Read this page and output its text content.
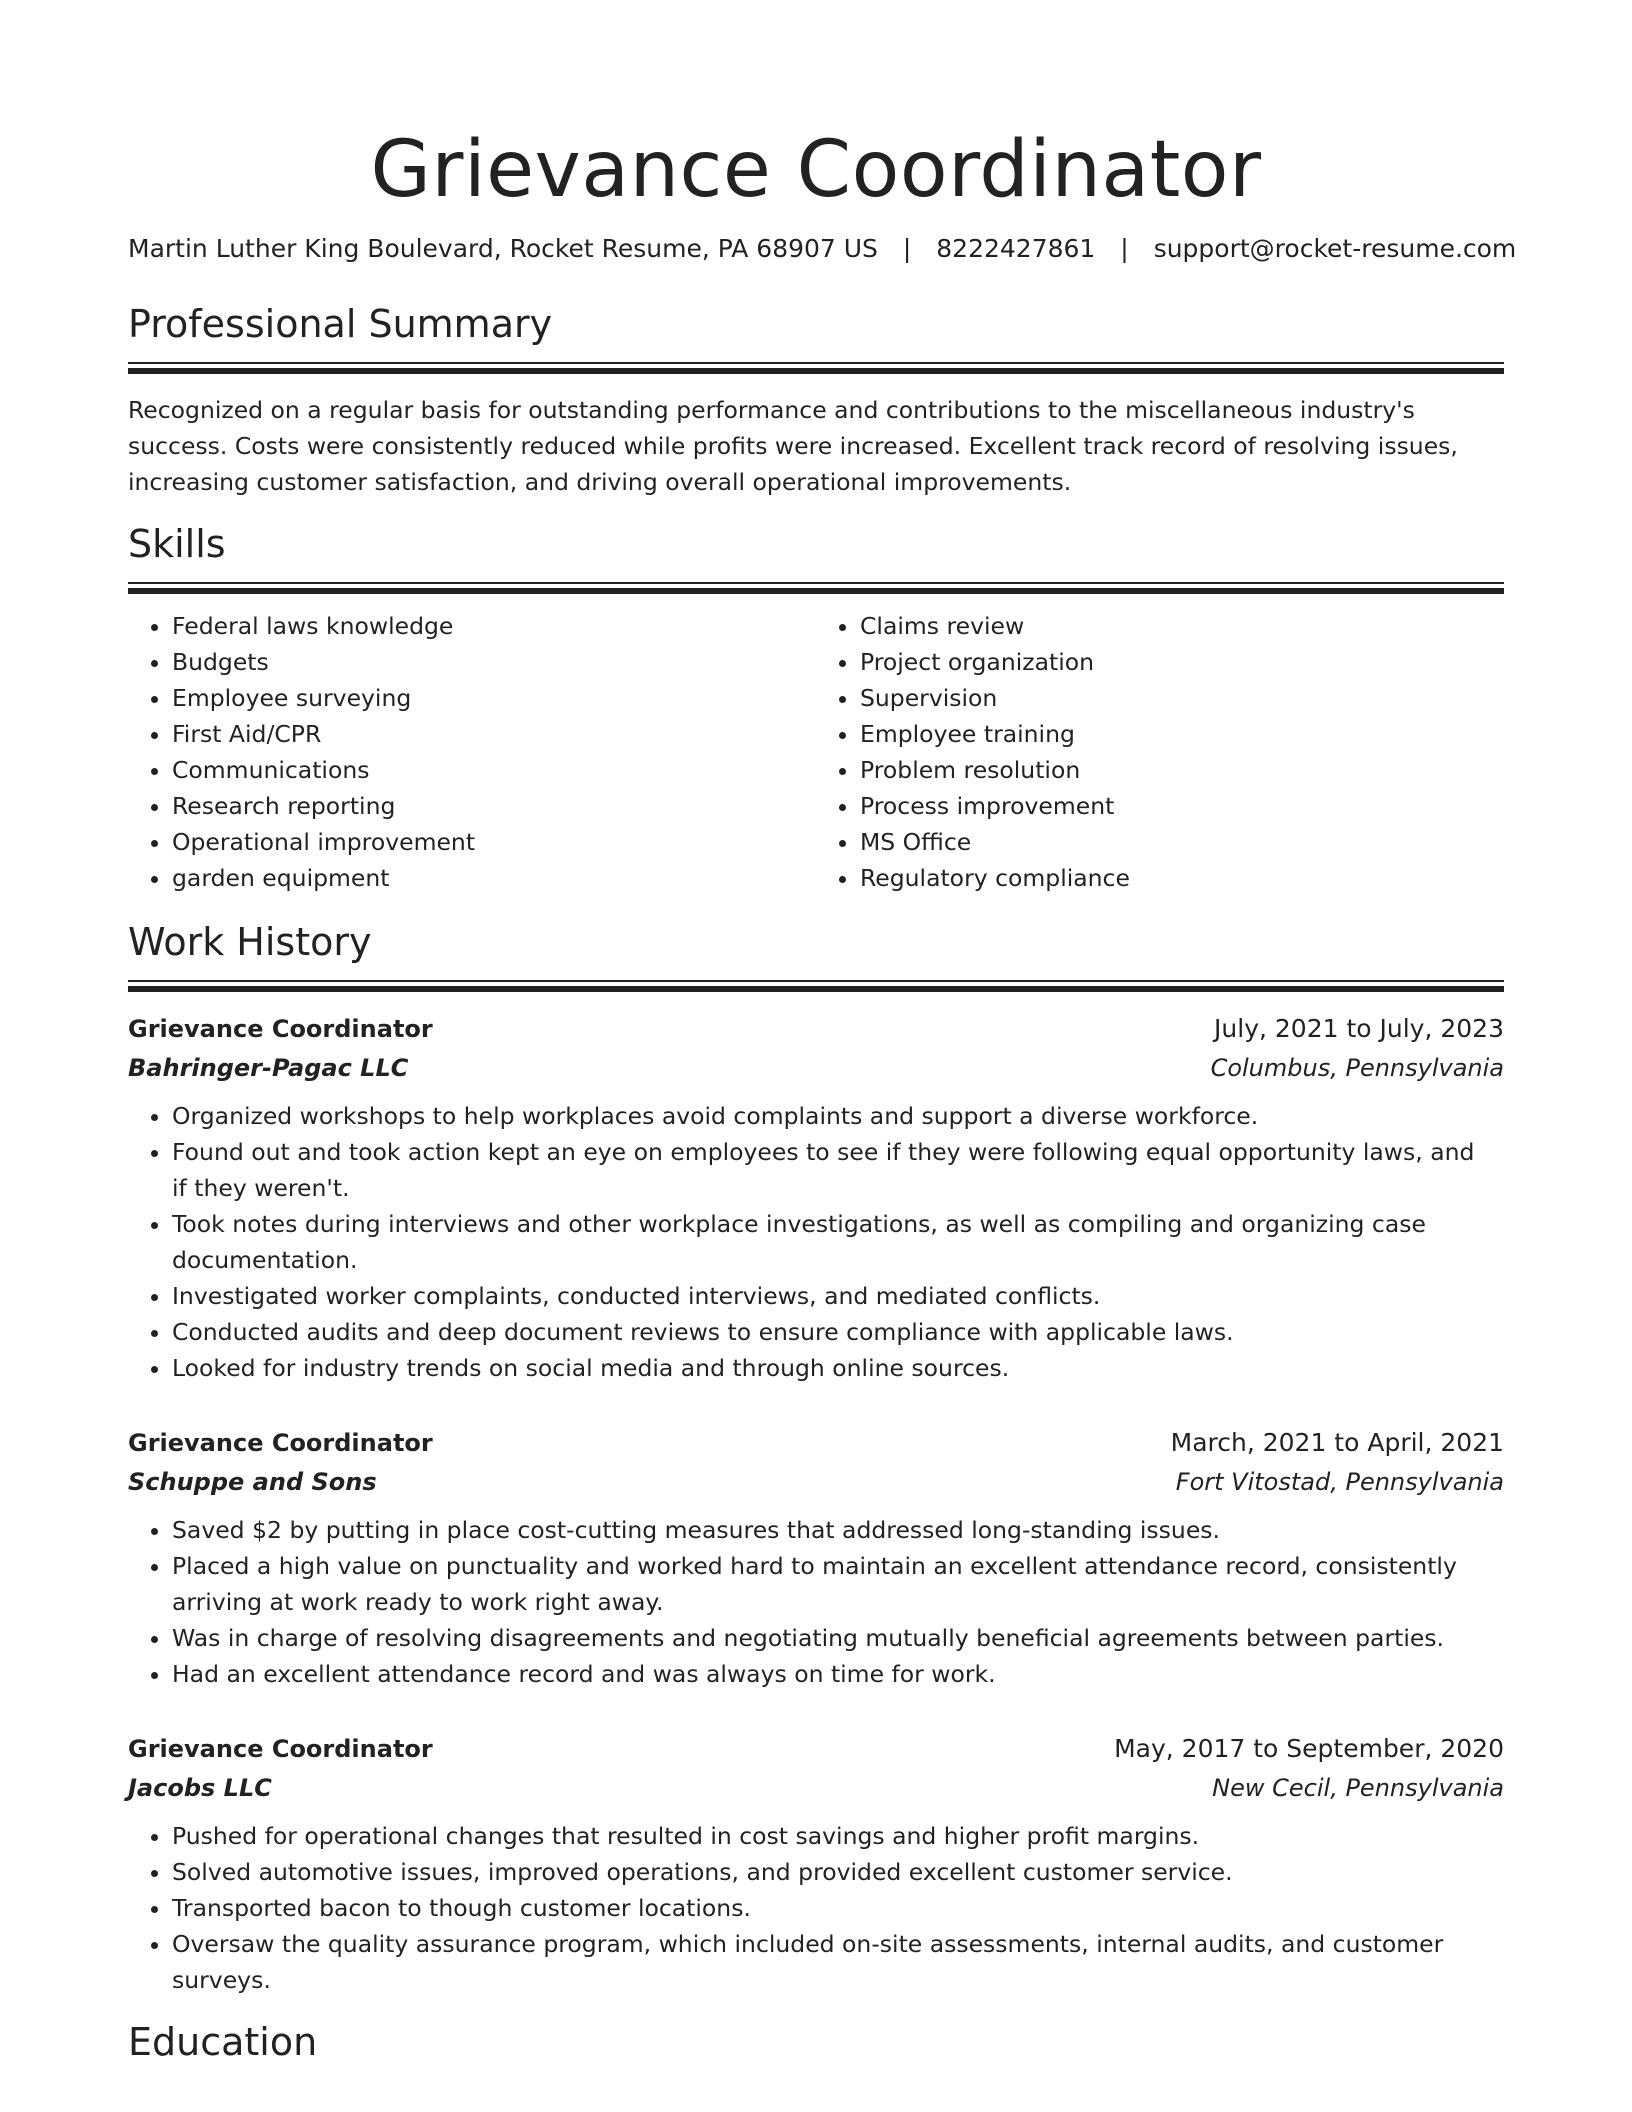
Grievance Coordinator
Martin Luther King Boulevard, Rocket Resume, PA 68907 US | 8222427861 | support@rocket-resume.com
Professional Summary
Recognized on a regular basis for outstanding performance and contributions to the miscellaneous industry's success. Costs were consistently reduced while profits were increased. Excellent track record of resolving issues, increasing customer satisfaction, and driving overall operational improvements.
Skills
• Federal laws knowledge
• Budgets
• Employee surveying
• First Aid/CPR
• Communications
• Research reporting
• Operational improvement
• garden equipment
• Claims review
• Project organization
• Supervision
• Employee training
• Problem resolution
• Process improvement
• MS Office
• Regulatory compliance
Work History
Grievance Coordinator	July, 2021 to July, 2023
Bahringer-Pagac LLC	Columbus, Pennsylvania
• Organized workshops to help workplaces avoid complaints and support a diverse workforce.
• Found out and took action kept an eye on employees to see if they were following equal opportunity laws, and if they weren't.
• Took notes during interviews and other workplace investigations, as well as compiling and organizing case documentation.
• Investigated worker complaints, conducted interviews, and mediated conflicts.
• Conducted audits and deep document reviews to ensure compliance with applicable laws.
• Looked for industry trends on social media and through online sources.
Grievance Coordinator	March, 2021 to April, 2021
Schuppe and Sons	Fort Vitostad, Pennsylvania
• Saved $2 by putting in place cost-cutting measures that addressed long-standing issues.
• Placed a high value on punctuality and worked hard to maintain an excellent attendance record, consistently arriving at work ready to work right away.
• Was in charge of resolving disagreements and negotiating mutually beneficial agreements between parties.
• Had an excellent attendance record and was always on time for work.
Grievance Coordinator	May, 2017 to September, 2020
Jacobs LLC	New Cecil, Pennsylvania
• Pushed for operational changes that resulted in cost savings and higher profit margins.
• Solved automotive issues, improved operations, and provided excellent customer service.
• Transported bacon to though customer locations.
• Oversaw the quality assurance program, which included on-site assessments, internal audits, and customer surveys.
Education
